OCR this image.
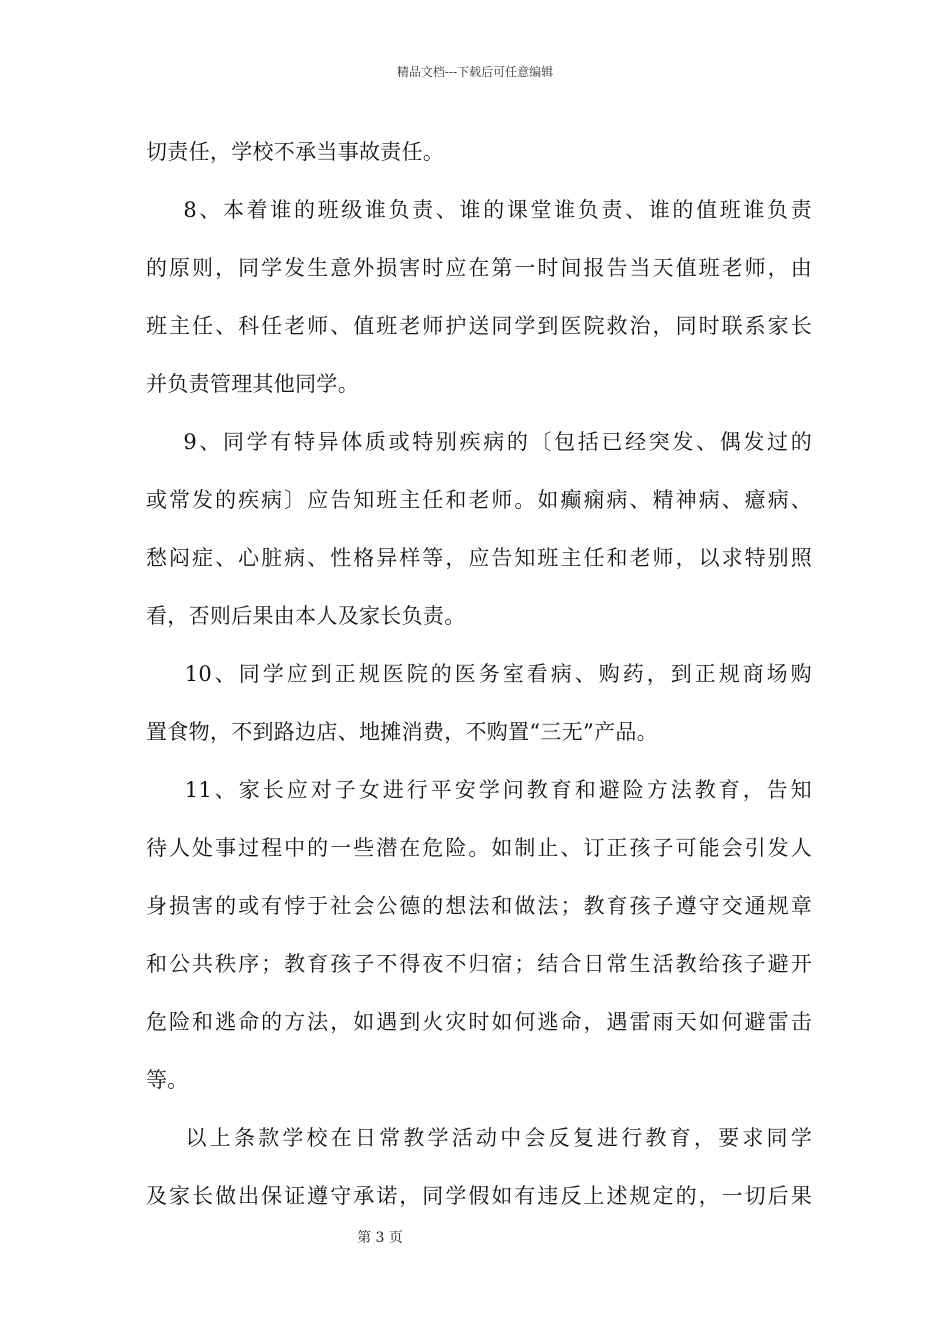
精品文档---下载后可任意编辑
切责任，学校不承当事故责任。
8、本着谁的班级谁负责、谁的课堂谁负责、谁的值班谁负责
的原则，同学发生意外损害时应在第一时间报告当天值班老师，由
班主任、科任老师、值班老师护送同学到医院救治，同时联系家长
并负责管理其他同学。
9、同学有特异体质或特别疾病的〔包括已经突发、偶发过的
或常发的疾病〕应告知班主任和老师。如癫痫病、精神病、癔病、
愁闷症、心脏病、性格异样等，应告知班主任和老师，以求特别照
看，否则后果由本人及家长负责。
10、同学应到正规医院的医务室看病、购药，到正规商场购
置食物，不到路边店、地摊消费，不购置“三无”产品。
11、家长应对子女进行平安学问教育和避险方法教育，告知
待人处事过程中的一些潜在危险。如制止、订正孩子可能会引发人
身损害的或有悖于社会公德的想法和做法；教育孩子遵守交通规章
和公共秩序；教育孩子不得夜不归宿；结合日常生活教给孩子避开
危险和逃命的方法，如遇到火灾时如何逃命，遇雷雨天如何避雷击
等。
以上条款学校在日常教学活动中会反复进行教育，要求同学
及家长做出保证遵守承诺，同学假如有违反上述规定的，一切后果
第 3 页
